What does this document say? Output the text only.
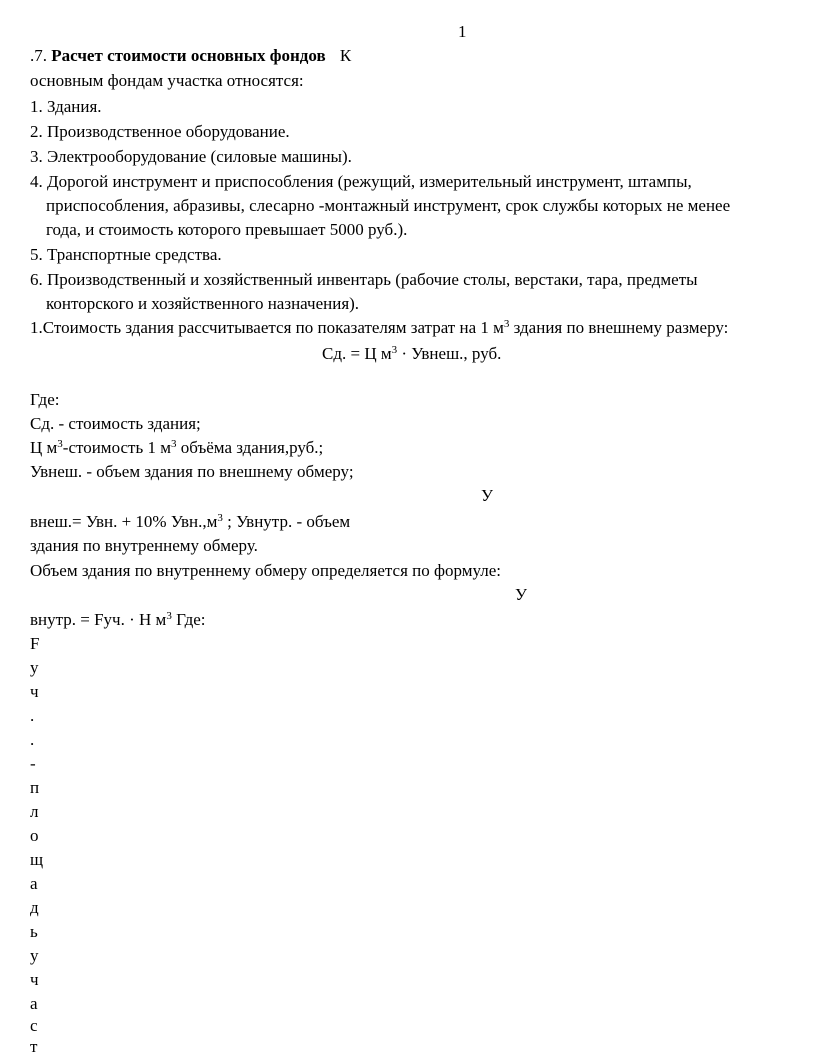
1
.7. Расчет стоимости основных фондов К
основным фондам участка относятся:
1. Здания.
2. Производственное оборудование.
3. Электрооборудование (силовые машины).
4. Дорогой инструмент и приспособления (режущий, измерительный инструмент, штампы,
приспособления, абразивы, слесарно -монтажный инструмент, срок службы которых не менее
года, и стоимость которого превышает 5000 руб.).
5. Транспортные средства.
6. Производственный и хозяйственный инвентарь (рабочие столы, верстаки, тара, предметы
конторского и хозяйственного назначения).
1.Стоимость здания рассчитывается по показателям затрат на 1 $м^3$ здания по внешнему размеру:
Сд. = Ц $м^3$ · Увнеш., руб.
Где:
Сд. - стоимость здания;
Ц $м^3$-стоимость 1 $м^3$ объёма здания,руб.;
Увнеш. - объем здания по внешнему обмеру;
У
внеш.= Увн. + 10% $Увн.,м^3$ ; Увнутр. - объем
здания по внутреннему обмеру.
Объем здания по внутреннему обмеру определяется по формуле:
У
внутр. = Fуч. · Н $м^3$ Где:
F
у
ч
.
.
-
п
л
о
щ
а
д
ь
у
ч
а
с
т
